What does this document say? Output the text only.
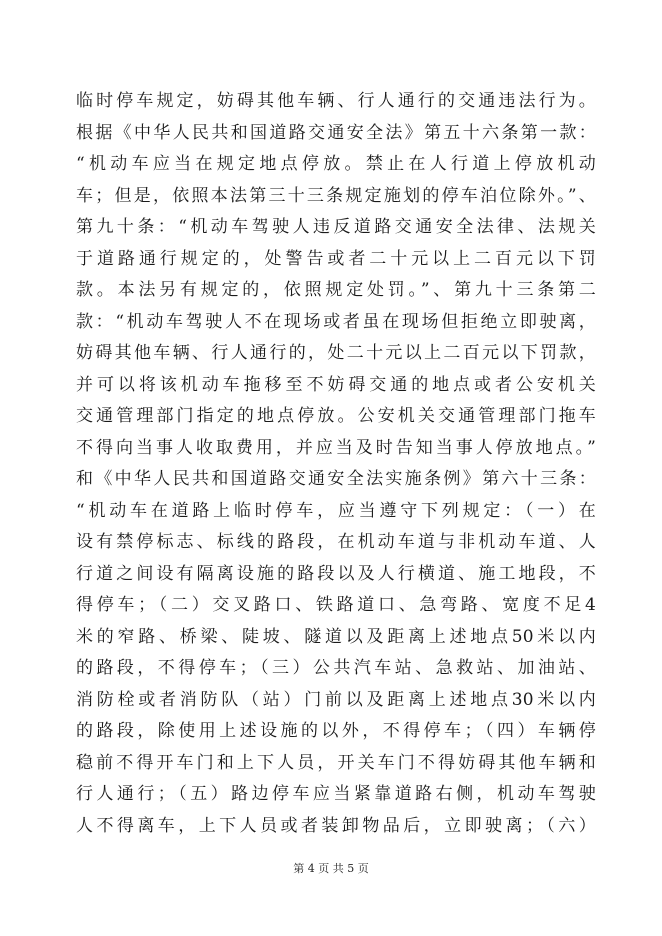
临时停车规定，妨碍其他车辆、行人通行的交通违法行为。
根据《中华人民共和国道路交通安全法》第五十六条第一款：
“机动车应当在规定地点停放。禁止在人行道上停放机动
车；但是，依照本法第三十三条规定施划的停车泊位除外。”、
第九十条：“机动车驾驶人违反道路交通安全法律、法规关
于道路通行规定的，处警告或者二十元以上二百元以下罚
款。本法另有规定的，依照规定处罚。”、第九十三条第二
款：“机动车驾驶人不在现场或者虽在现场但拒绝立即驶离，
妨碍其他车辆、行人通行的，处二十元以上二百元以下罚款，
并可以将该机动车拖移至不妨碍交通的地点或者公安机关
交通管理部门指定的地点停放。公安机关交通管理部门拖车
不得向当事人收取费用，并应当及时告知当事人停放地点。”
和《中华人民共和国道路交通安全法实施条例》第六十三条：
“机动车在道路上临时停车，应当遵守下列规定：（一）在
设有禁停标志、标线的路段，在机动车道与非机动车道、人
行道之间设有隔离设施的路段以及人行横道、施工地段，不
得停车；（二）交叉路口、铁路道口、急弯路、宽度不足4
米的窄路、桥梁、陡坡、隧道以及距离上述地点50米以内
的路段，不得停车；（三）公共汽车站、急救站、加油站、
消防栓或者消防队（站）门前以及距离上述地点30米以内
的路段，除使用上述设施的以外，不得停车；（四）车辆停
稳前不得开车门和上下人员，开关车门不得妨碍其他车辆和
行人通行；（五）路边停车应当紧靠道路右侧，机动车驾驶
人不得离车，上下人员或者装卸物品后，立即驶离；（六）
第 4 页 共 5 页
